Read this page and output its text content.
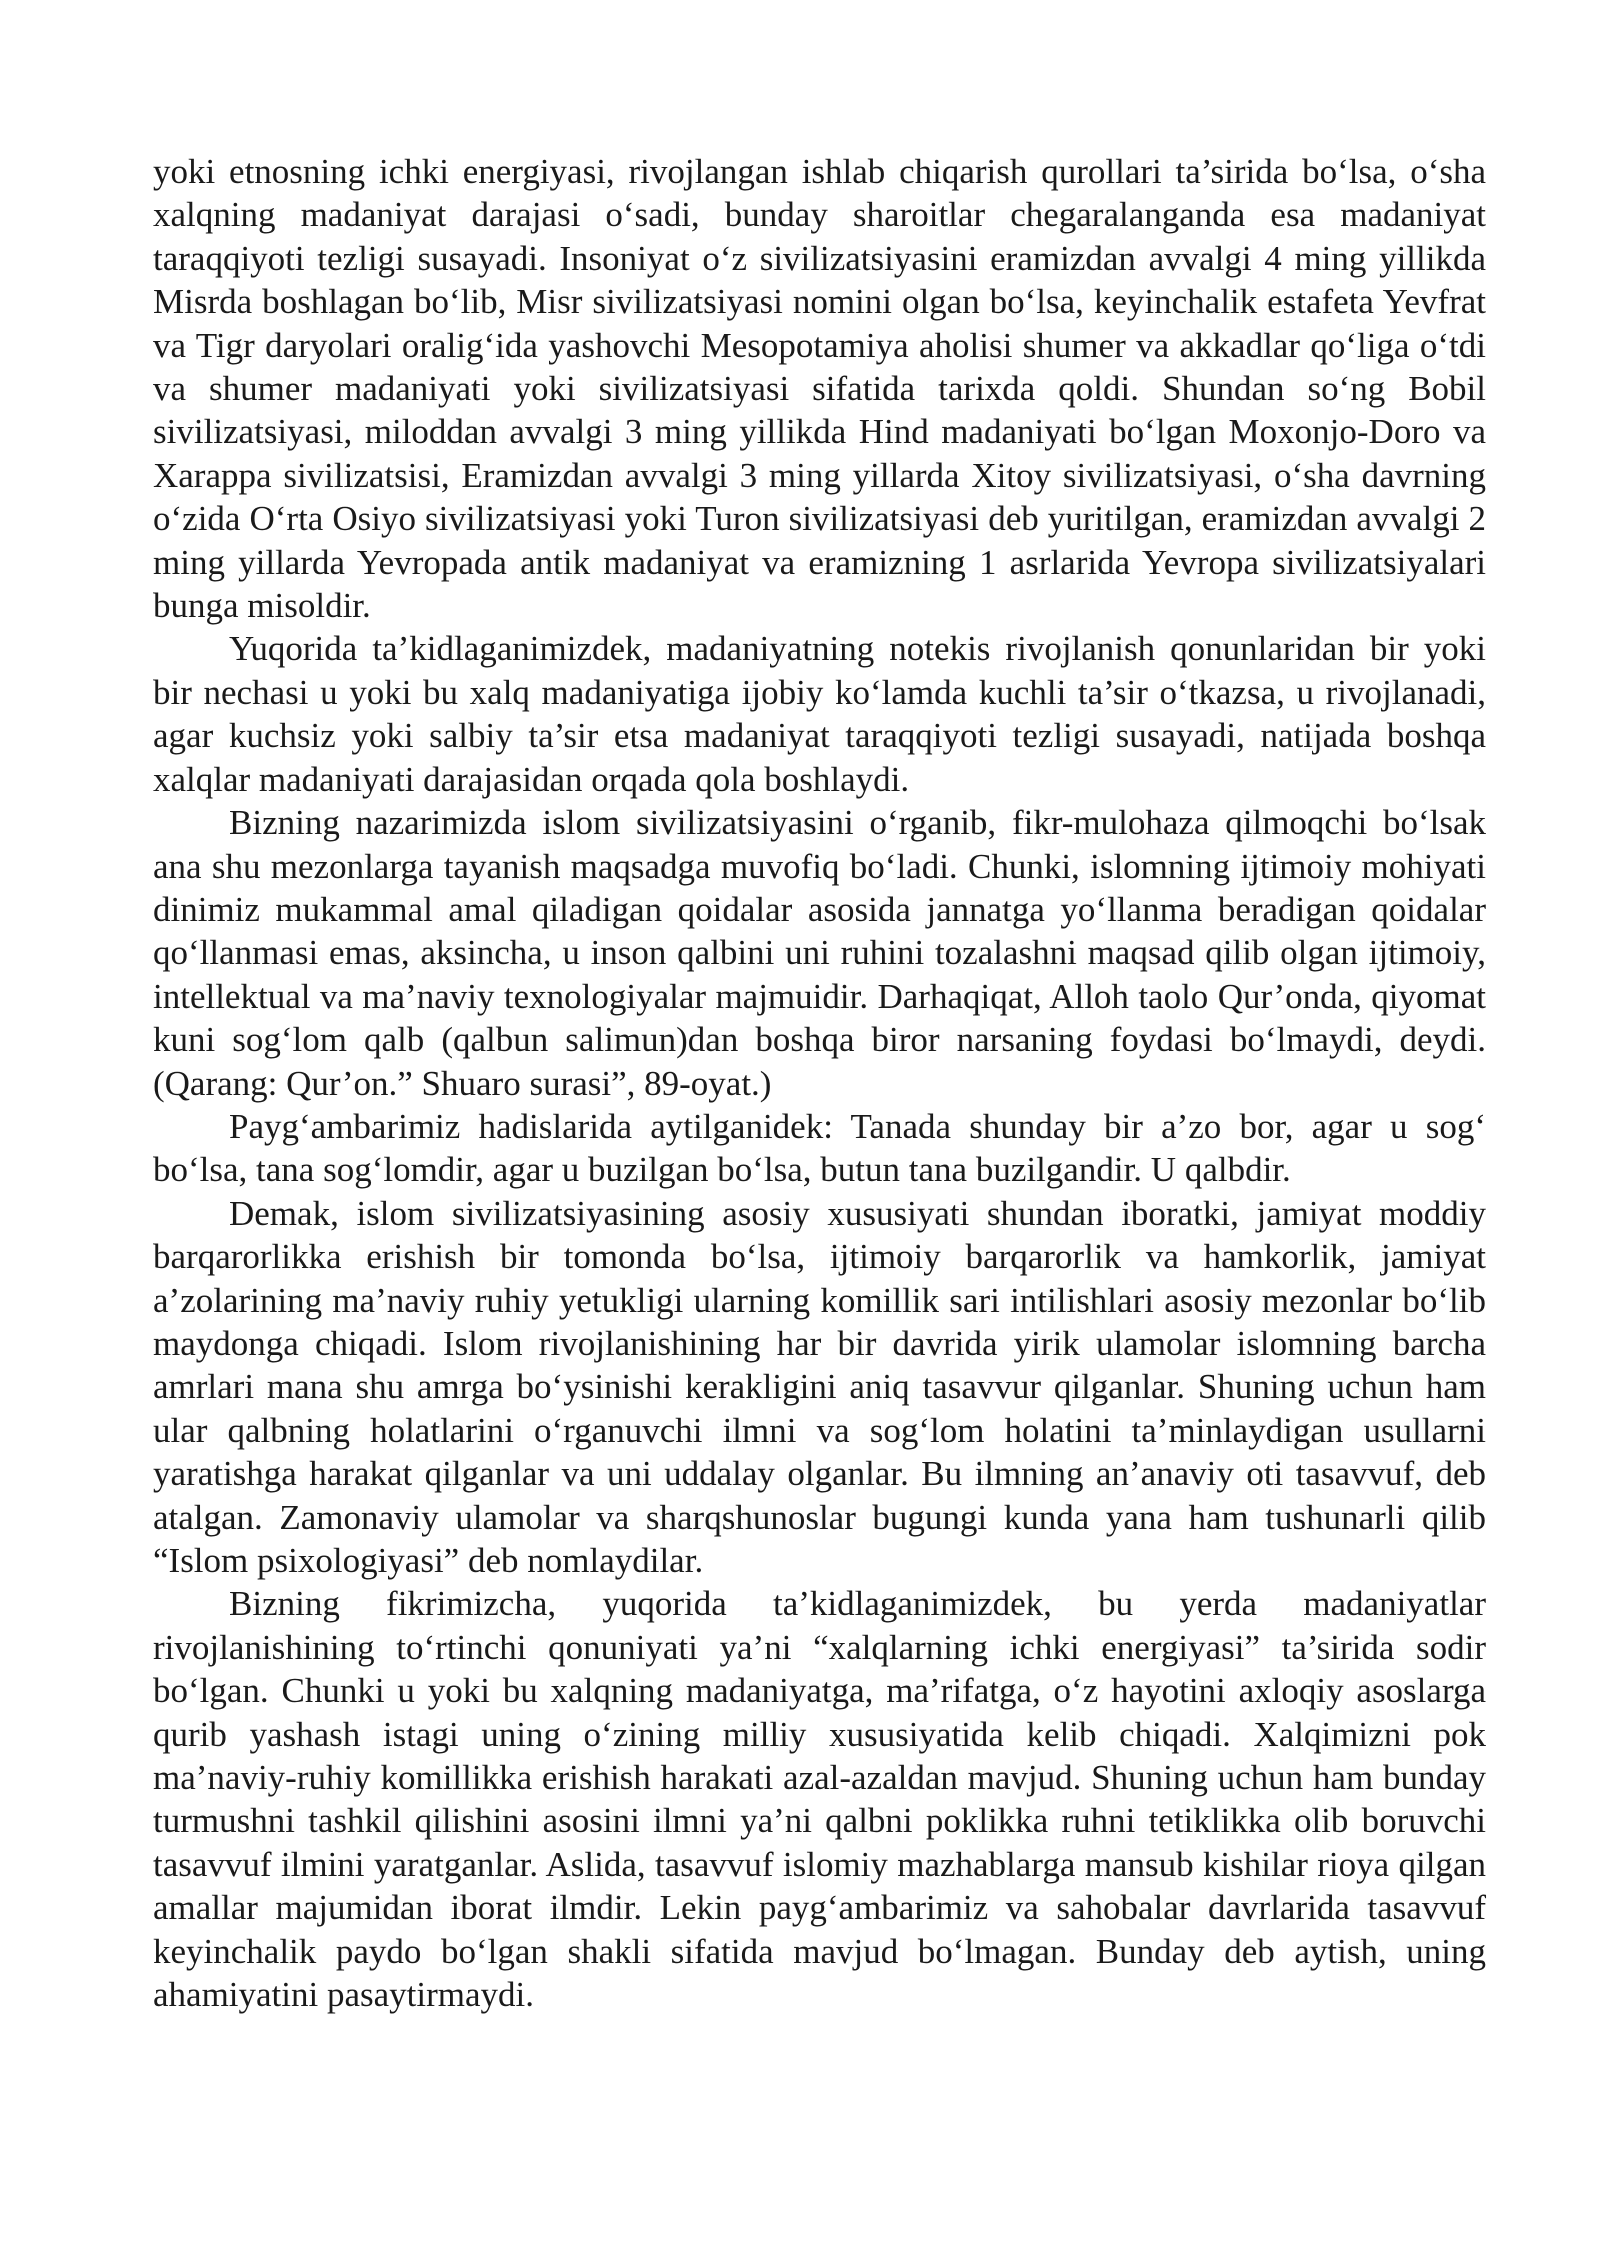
yoki etnosning ichki energiyasi, rivojlangan ishlab chiqarish qurollari ta’sirida bo‘lsa, o‘sha xalqning madaniyat darajasi o‘sadi, bunday sharoitlar chegaralanganda esa madaniyat taraqqiyoti tezligi susayadi. Insoniyat o‘z sivilizatsiyasini eramizdan avvalgi 4 ming yillikda Misrda boshlagan bo‘lib, Misr sivilizatsiyasi nomini olgan bo‘lsa, keyinchalik estafeta Yevfrat va Tigr daryolari oralig‘ida yashovchi Mesopotamiya aholisi shumer va akkadlar qo‘liga o‘tdi va shumer madaniyati yoki sivilizatsiyasi sifatida tarixda qoldi. Shundan so‘ng Bobil sivilizatsiyasi, miloddan avvalgi 3 ming yillikda Hind madaniyati bo‘lgan Moxonjo-Doro va Xarappa sivilizatsisi, Eramizdan avvalgi 3 ming yillarda Xitoy sivilizatsiyasi, o‘sha davrning o‘zida O‘rta Osiyo sivilizatsiyasi yoki Turon sivilizatsiyasi deb yuritilgan, eramizdan avvalgi 2 ming yillarda Yevropada antik madaniyat va eramizning 1 asrlarida Yevropa sivilizatsiyalari bunga misoldir.

Yuqorida ta’kidlaganimizdek, madaniyatning notekis rivojlanish qonunlaridan bir yoki bir nechasi u yoki bu xalq madaniyatiga ijobiy ko‘lamda kuchli ta’sir o‘tkazsa, u rivojlanadi, agar kuchsiz yoki salbiy ta’sir etsa madaniyat taraqqiyoti tezligi susayadi, natijada boshqa xalqlar madaniyati darajasidan orqada qola boshlaydi.

Bizning nazarimizda islom sivilizatsiyasini o‘rganib, fikr-mulohaza qilmoqchi bo‘lsak ana shu mezonlarga tayanish maqsadga muvofiq bo‘ladi. Chunki, islomning ijtimoiy mohiyati dinimiz mukammal amal qiladigan qoidalar asosida jannatga yo‘llanma beradigan qoidalar qo‘llanmasi emas, aksincha, u inson qalbini uni ruhini tozalashni maqsad qilib olgan ijtimoiy, intellektual va ma’naviy texnologiyalar majmuidir. Darhaqiqat, Alloh taolo Qur’onda, qiyomat kuni sog‘lom qalb (qalbun salimun)dan boshqa biror narsaning foydasi bo‘lmaydi, deydi. (Qarang: Qur’on.” Shuaro surasi”, 89-oyat.)

Payg‘ambarimiz hadislarida aytilganidek: Tanada shunday bir a’zo bor, agar u sog‘ bo‘lsa, tana sog‘lomdir, agar u buzilgan bo‘lsa, butun tana buzilgandir. U qalbdir.

Demak, islom sivilizatsiyasining asosiy xususiyati shundan iboratki, jamiyat moddiy barqarorlikka erishish bir tomonda bo‘lsa, ijtimoiy barqarorlik va hamkorlik, jamiyat a’zolarining ma’naviy ruhiy yetukligi ularning komillik sari intilishlari asosiy mezonlar bo‘lib maydonga chiqadi. Islom rivojlanishining har bir davrida yirik ulamolar islomning barcha amrlari mana shu amrga bo‘ysinishi kerakligini aniq tasavvur qilganlar. Shuning uchun ham ular qalbning holatlarini o‘rganuvchi ilmni va sog‘lom holatini ta’minlaydigan usullarni yaratishga harakat qilganlar va uni uddalay olganlar. Bu ilmning an’anaviy oti tasavvuf, deb atalgan. Zamonaviy ulamolar va sharqshunoslar bugungi kunda yana ham tushunarli qilib “Islom psixologiyasi” deb nomlaydilar.

Bizning fikrimizcha, yuqorida ta’kidlaganimizdek, bu yerda madaniyatlar rivojlanishining to‘rtinchi qonuniyati ya’ni “xalqlarning ichki energiyasi” ta’sirida sodir bo‘lgan. Chunki u yoki bu xalqning madaniyatga, ma’rifatga, o‘z hayotini axloqiy asoslarga qurib yashash istagi uning o‘zining milliy xususiyatida kelib chiqadi. Xalqimizni pok ma’naviy-ruhiy komillikka erishish harakati azal-azaldan mavjud. Shuning uchun ham bunday turmushni tashkil qilishini asosini ilmni ya’ni qalbni poklikka ruhni tetiklikka olib boruvchi tasavvuf ilmini yaratganlar. Aslida, tasavvuf islomiy mazhablarga mansub kishilar rioya qilgan amallar majumidan iborat ilmdir. Lekin payg‘ambarimiz va sahobalar davrlarida tasavvuf keyinchalik paydo bo‘lgan shakli sifatida mavjud bo‘lmagan. Bunday deb aytish, uning ahamiyatini pasaytirmaydi.
